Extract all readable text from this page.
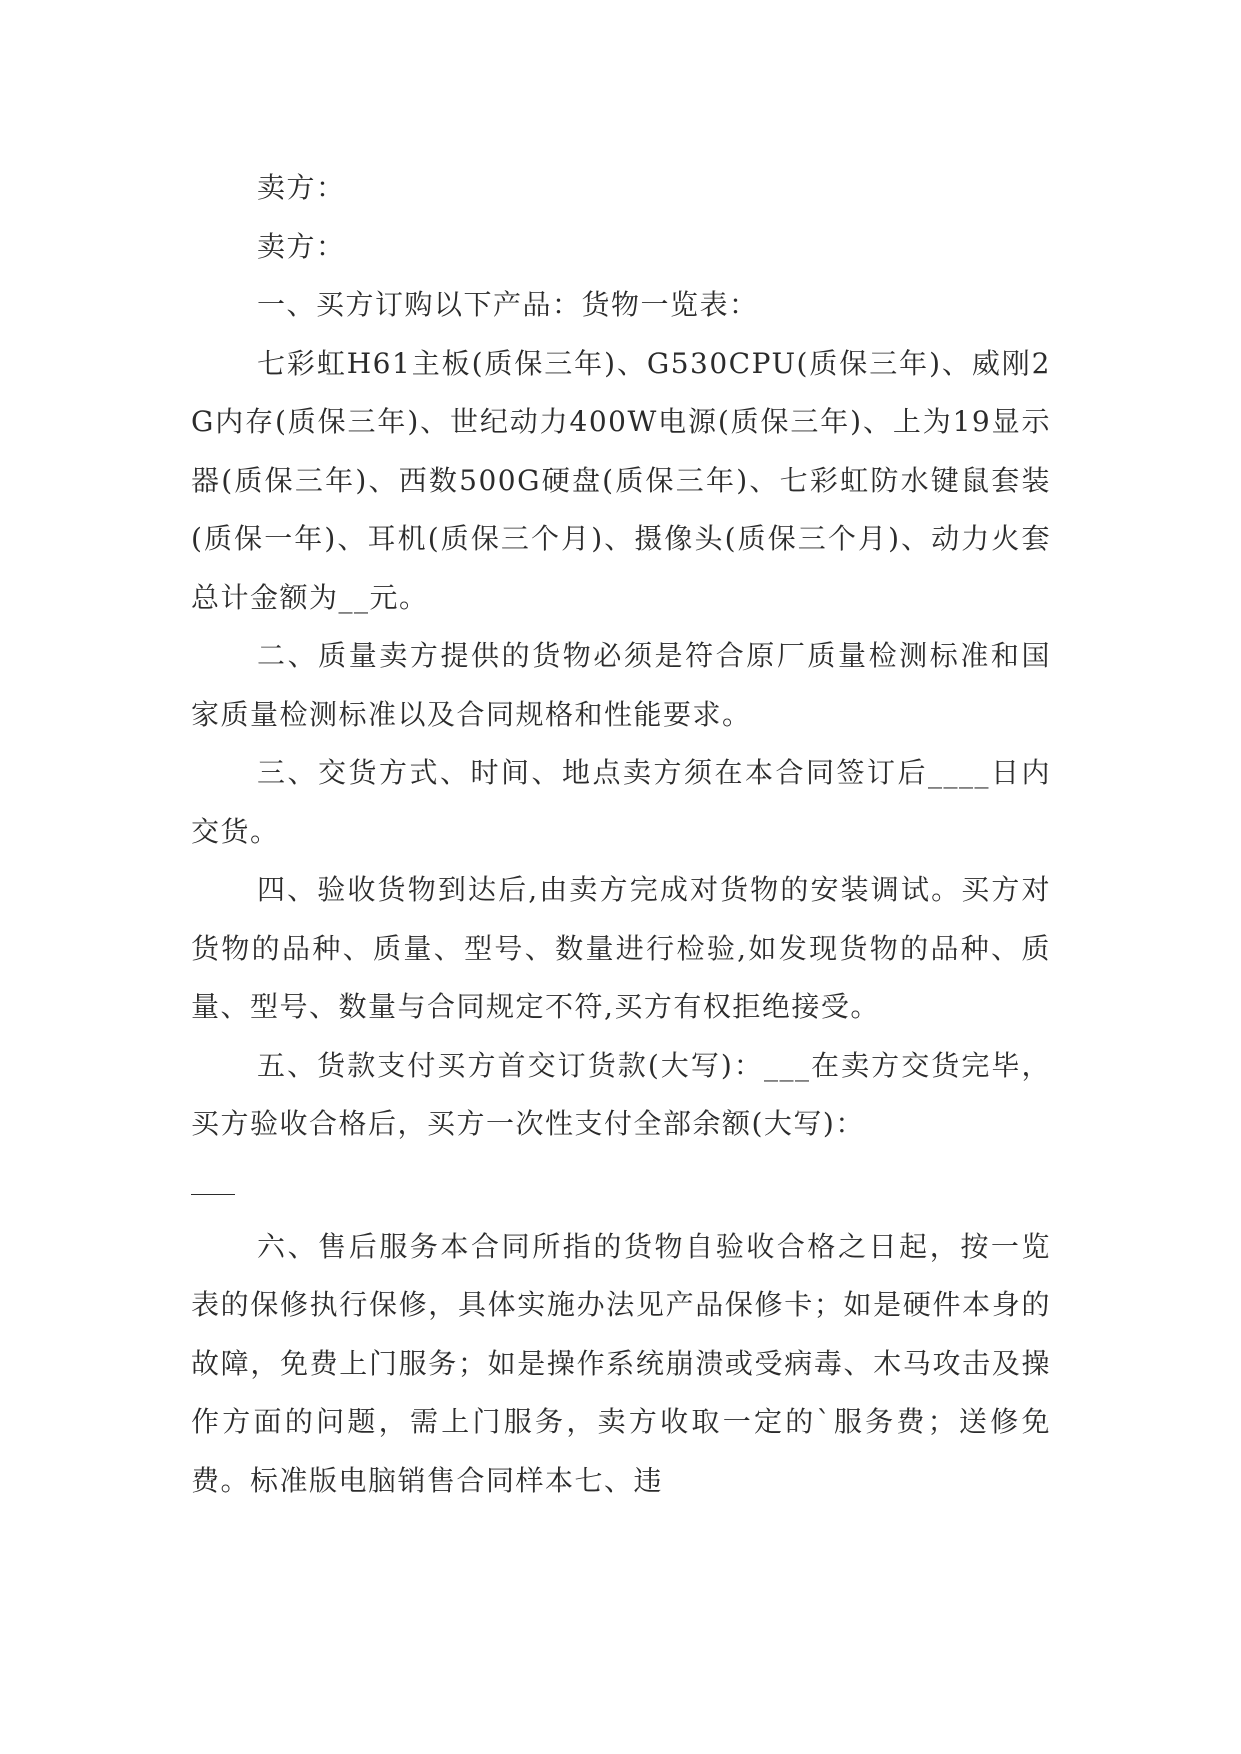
卖方：

卖方：

一、买方订购以下产品：货物一览表：

七彩虹H61主板(质保三年)、G530CPU(质保三年)、威刚2G内存(质保三年)、世纪动力400W电源(质保三年)、上为19显示器(质保三年)、西数500G硬盘(质保三年)、七彩虹防水键鼠套装(质保一年)、耳机(质保三个月)、摄像头(质保三个月)、动力火套总计金额为__元。

二、质量卖方提供的货物必须是符合原厂质量检测标准和国家质量检测标准以及合同规格和性能要求。

三、交货方式、时间、地点卖方须在本合同签订后____日内交货。

四、验收货物到达后,由卖方完成对货物的安装调试。买方对货物的品种、质量、型号、数量进行检验,如发现货物的品种、质量、型号、数量与合同规定不符,买方有权拒绝接受。

五、货款支付买方首交订货款(大写)：___在卖方交货完毕，买方验收合格后，买方一次性支付全部余额(大写)：

六、售后服务本合同所指的货物自验收合格之日起，按一览表的保修执行保修，具体实施办法见产品保修卡；如是硬件本身的故障，免费上门服务；如是操作系统崩溃或受病毒、木马攻击及操作方面的问题，需上门服务，卖方收取一定的`服务费；送修免费。标准版电脑销售合同样本七、违
